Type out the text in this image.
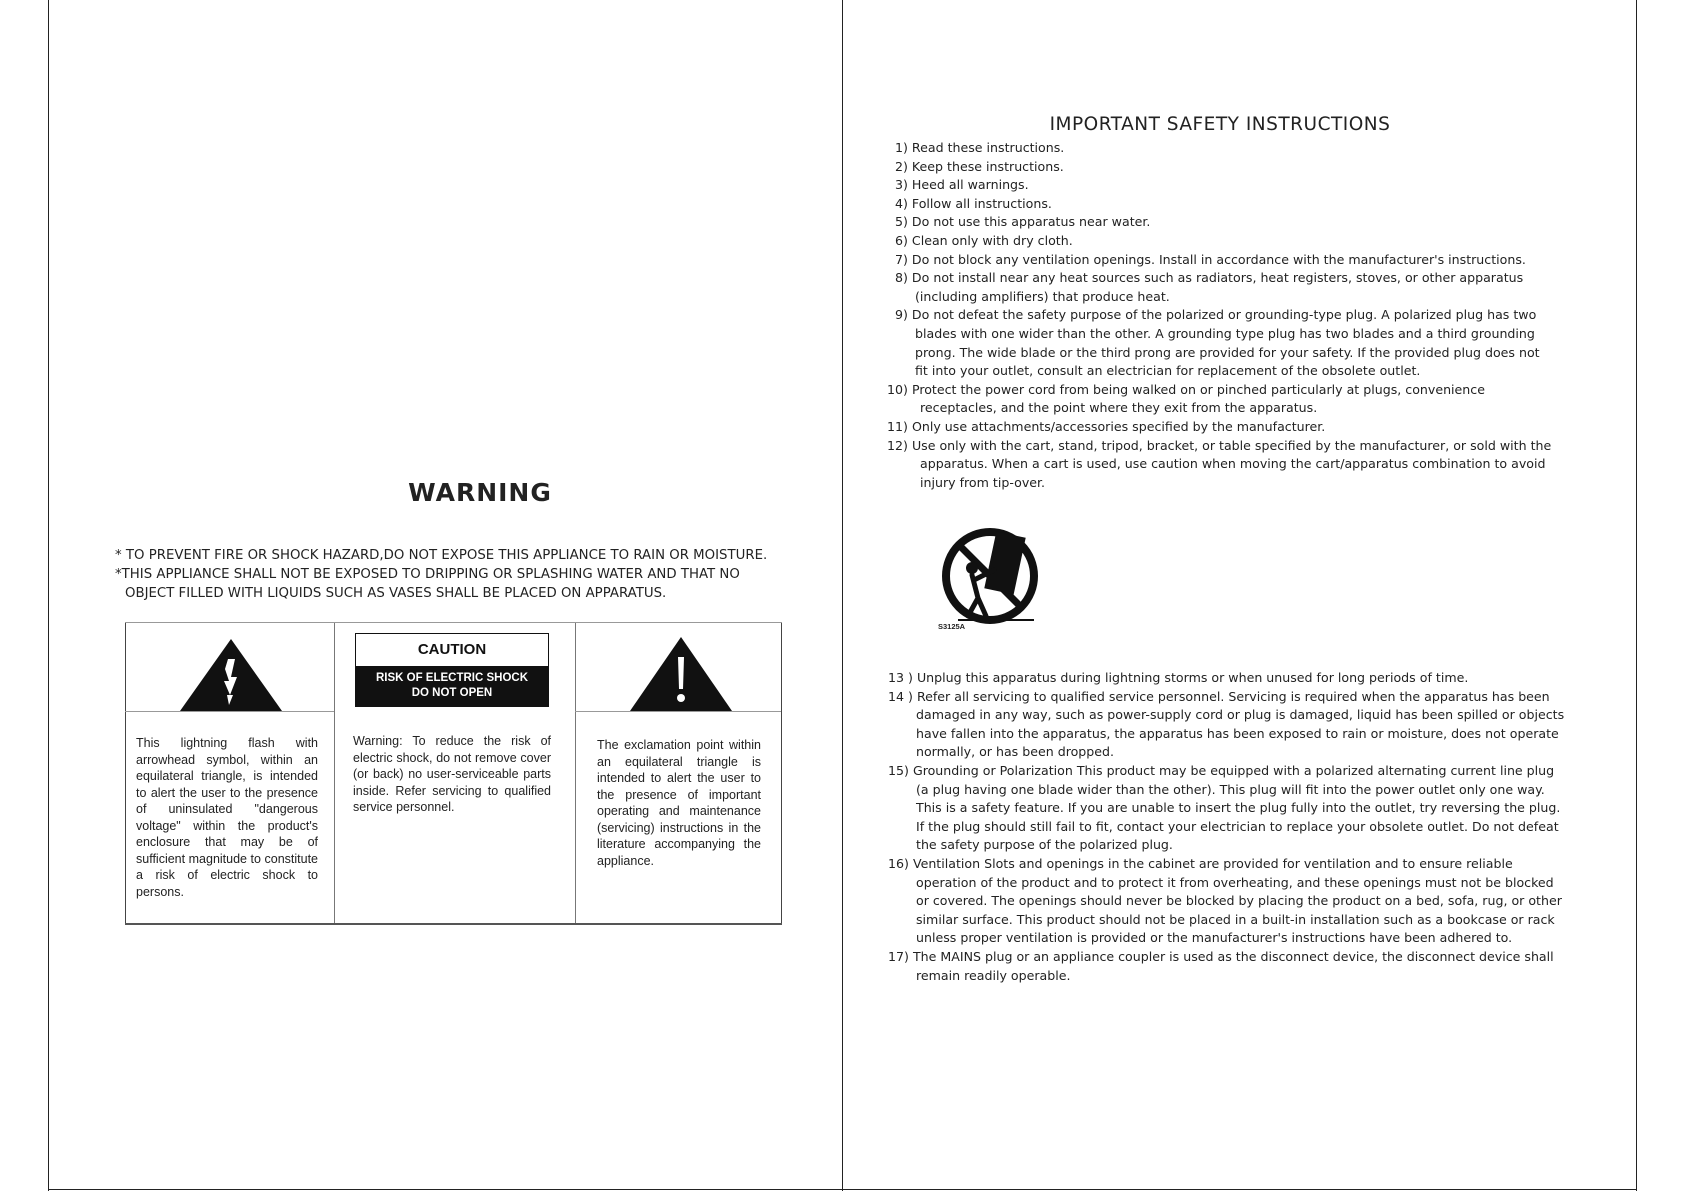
WARNING
* TO PREVENT FIRE OR SHOCK HAZARD,DO NOT EXPOSE THIS APPLIANCE TO RAIN OR MOISTURE.
*THIS APPLIANCE SHALL NOT BE EXPOSED TO DRIPPING OR SPLASHING WATER AND THAT NO
OBJECT FILLED WITH LIQUIDS SUCH AS VASES SHALL BE PLACED ON APPARATUS.
CAUTION
RISK OF ELECTRIC SHOCK
DO NOT OPEN
This lightning flash with arrowhead symbol, within an equilateral triangle, is intended to alert the user to the presence of uninsulated "dangerous voltage" within the product's enclosure that may be of sufficient magnitude to constitute a risk of electric shock to persons.
Warning: To reduce the risk of electric shock, do not remove cover (or back) no user-serviceable parts inside. Refer servicing to qualified service personnel.
The exclamation point within an equilateral triangle is intended to alert the user to the presence of important operating and maintenance (servicing) instructions in the literature accompanying the appliance.
IMPORTANT SAFETY INSTRUCTIONS
1) Read these instructions.
2) Keep these instructions.
3) Heed all warnings.
4) Follow all instructions.
5) Do not use this apparatus near water.
6) Clean only with dry cloth.
7) Do not block any ventilation openings. Install in accordance with the manufacturer's instructions.
8) Do not install near any heat sources such as radiators, heat registers, stoves, or other apparatus
(including amplifiers) that produce heat.
9) Do not defeat the safety purpose of the polarized or grounding-type plug. A polarized plug has two
blades with one wider than the other. A grounding type plug has two blades and a third grounding
prong. The wide blade or the third prong are provided for your safety. If the provided plug does not
fit into your outlet, consult an electrician for replacement of the obsolete outlet.
10) Protect the power cord from being walked on or pinched particularly at plugs, convenience
receptacles, and the point where they exit from the apparatus.
11) Only use attachments/accessories specified by the manufacturer.
12) Use only with the cart, stand, tripod, bracket, or table specified by the manufacturer, or sold with the
apparatus. When a cart is used, use caution when moving the cart/apparatus combination to avoid
injury from tip-over.
S3125A
13 ) Unplug this apparatus during lightning storms or when unused for long periods of time.
14 ) Refer all servicing to qualified service personnel. Servicing is required when the apparatus has been
damaged in any way, such as power-supply cord or plug is damaged, liquid has been spilled or objects
have fallen into the apparatus, the apparatus has been exposed to rain or moisture, does not operate
normally, or has been dropped.
15) Grounding or Polarization This product may be equipped with a polarized alternating current line plug
(a plug having one blade wider than the other). This plug will fit into the power outlet only one way.
This is a safety feature. If you are unable to insert the plug fully into the outlet, try reversing the plug.
If the plug should still fail to fit, contact your electrician to replace your obsolete outlet. Do not defeat
the safety purpose of the polarized plug.
16) Ventilation Slots and openings in the cabinet are provided for ventilation and to ensure reliable
operation of the product and to protect it from overheating, and these openings must not be blocked
or covered. The openings should never be blocked by placing the product on a bed, sofa, rug, or other
similar surface. This product should not be placed in a built-in installation such as a bookcase or rack
unless proper ventilation is provided or the manufacturer's instructions have been adhered to.
17) The MAINS plug or an appliance coupler is used as the disconnect device, the disconnect device shall
remain readily operable.
